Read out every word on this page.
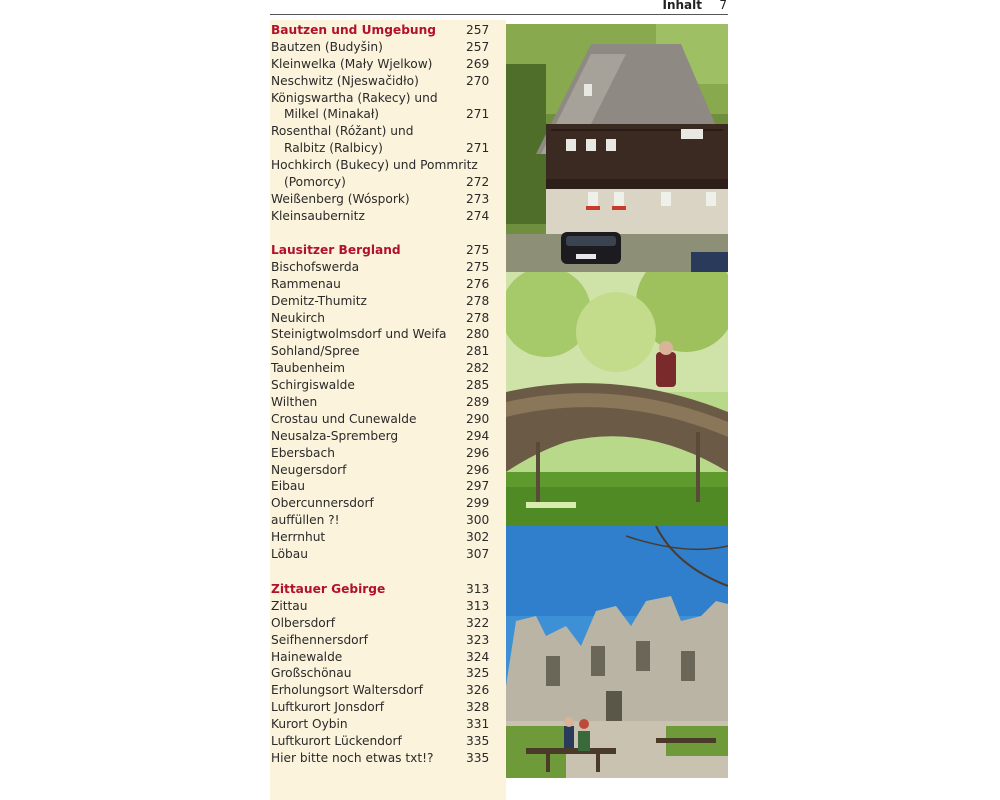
Inhalt 7
Bautzen und Umgebung 257
Bautzen (Budyšin)	257
Kleinwelka (Mały Wjelkow)	269
Neschwitz (Njeswačidło)	270
Königswartha (Rakecy) und
Milkel (Minakał)	271
Rosenthal (Róžant) und
Ralbitz (Ralbicy)	271
Hochkirch (Bukecy) und Pommritz
(Pomorcy)	272
Weißenberg (Wóspork)	273
Kleinsaubernitz	274
Lausitzer Bergland	275
Bischofswerda	275
Rammenau	276
Demitz-Thumitz	278
Neukirch	278
Steinigtwolmsdorf und Weifa 280
Sohland/Spree	281
Taubenheim	282
Schirgiswalde	285
Wilthen	289
Crostau und Cunewalde	290
Neusalza-Spremberg	294
Ebersbach	296
Neugersdorf	296
Eibau	297
Obercunnersdorf	299
auffüllen ?!	300
Herrnhut	302
Löbau	307
Zittauer Gebirge	313
Zittau	313
Olbersdorf	322
Seifhennersdorf	323
Hainewalde	324
Großschönau	325
Erholungsort Waltersdorf	326
Luftkurort Jonsdorf	328
Kurort Oybin	331
Luftkurort Lückendorf	335
Hier bitte noch etwas txt!?	335
